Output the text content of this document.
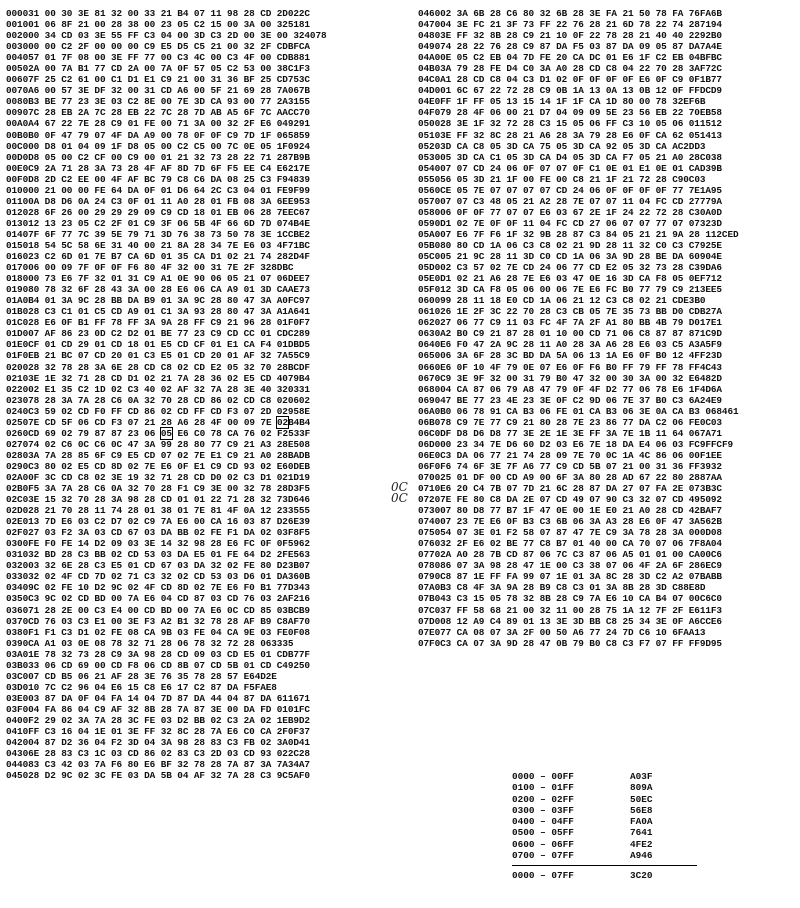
000031 00 30 3E 81 32 00 33 21 B4 07 11 98 28 CD 2D022C
001001 06 8F 21 00 28 38 00 23 05 C2 15 00 3A 00 325181
002000 34 CD 03 3E 55 FF C3 04 00 3D C3 2D 00 3E 00 324078
003000 00 C2 2F 00 00 00 C9 E5 D5 C5 21 00 32 2F CDBFCA
004057 01 7F 08 00 3E FF 77 00 C3 4C 00 C3 4F 00 CDB881
00502A 00 7A B1 77 CD 2A 00 7A 0F 57 05 C2 53 00 38C1F3
00607F 25 C2 61 00 C1 D1 E1 C9 21 00 31 36 BF 25 CD753C
0070A6 00 57 3E DF 32 00 31 CD A6 00 5F 21 69 28 7A067B
0080B3 BE 77 23 3E 03 C2 8E 00 7E 3D CA 93 00 77 2A3155
00907C 28 EB 2A 7C 28 EB 22 7C 28 7D AB A5 6F 7C AACC70
00A0A4 67 22 7E 28 C9 01 FE 00 71 3A 00 32 2F E6 049291
00B0B0 0F 47 79 07 4F DA A9 00 78 0F 0F C9 7D 1F 065859
00C000 D8 01 04 09 1F D8 05 00 C2 C5 00 7C 0E 05 1F0924
00D0D8 05 00 C2 CF 00 C9 00 01 21 32 73 28 22 71 287B9B
00E0C9 2A 71 28 3A 73 28 4F AF 8D 7D 6F F5 EE C4 E6217E
00F0D8 2D C2 EE 00 4F AF BC 79 C8 C6 DA 08 25 C3 F94839
010000 21 00 00 FE 64 DA 0F 01 D6 64 2C C3 04 01 FE9F99
01100A D8 D6 0A 24 C3 0F 01 11 A0 28 01 FB 08 3A 6EE953
012028 6F 26 00 29 29 29 09 C9 CD 18 01 EB 06 28 7EEC67
013012 13 23 05 C2 2F 01 C9 3F 06 5B 4F 66 6D 7D 074B4E
01407F 6F 77 7C 39 5E 79 71 3D 76 38 73 50 78 3E 1CCBE2
015018 54 5C 58 6E 31 40 00 21 8A 28 34 7E E6 03 4F71BC
016023 C2 6D 01 7E B7 CA 6D 01 35 CA D1 02 21 74 282D4F
017006 00 09 7F 0F 0F F6 80 4F 32 00 31 7E 2F 328DBC
018000 73 E6 7F 32 01 31 C9 A1 0E 90 06 05 21 07 06DEE7
019080 78 32 6F 28 43 3A 00 28 E6 06 CA A9 01 3D CAAE73
01A0B4 01 3A 9C 28 BB DA B9 01 3A 9C 28 80 47 3A A0FC97
01B028 C3 C1 01 C5 CD A9 01 C1 3A 93 28 80 47 3A A1A641
01C028 E6 0F B1 FF 78 FF 3A 9A 28 FF C9 21 96 28 01F0F7
01D007 AF 86 23 0D C2 D2 01 BE 77 23 C9 CD CC 01 CDC289
01E0CF 01 CD 29 01 CD 18 01 E5 CD CF 01 E1 CA F4 01DBD5
01F0EB 21 BC 07 CD 20 01 C3 E5 01 CD 20 01 AF 32 7A55C9
020028 32 78 28 3A 6E 28 CD C8 02 CD E2 05 32 70 28BCDF
02103E 1E 32 71 28 CD D1 02 21 7A 28 36 02 E5 CD 4079B4
022002 E1 35 C2 1D 02 C3 40 02 AF 32 7A 28 3E 40 320331
023078 28 3A 7A 28 C6 0A 32 70 28 CD 86 02 CD C8 020602
0240C3 59 02 CD F0 FF CD 86 02 CD FF CD F3 07 2D 02958E
02507E CD 5F 06 CD F3 07 21 28 A6 28 4F 00 09 7E 02B4B4
0260CD 69 02 79 87 87 23 06 05 E6 C0 78 CA 76 02 F2533F
027074 02 C6 0C C6 0C 47 3A 99 28 80 77 C9 21 A3 28E508
02803A 7A 28 85 6F C9 E5 CD 07 02 7E E1 C9 21 A0 28BADB
0290C3 80 02 E5 CD 8D 02 7E E6 0F E1 C9 CD 93 02 E60DEB
02A00F 3C CD C8 02 3E 19 32 71 28 CD D0 02 C3 D1 021D19
02B0F5 3A 7A 28 C6 0A 32 70 28 F1 C9 3E 00 32 78 28D3F5
02C03E 15 32 70 28 3A 98 28 CD 01 01 22 71 28 32 73D646
02D028 21 70 28 11 74 28 01 38 01 7E 81 4F 0A 12 233555
02E013 7D E6 03 C2 D7 02 C9 7A E6 00 CA 16 03 87 D26E39
02F027 03 F2 3A 03 CD 67 03 DA BB 02 FE F1 DA 02 03F8F5
0300FE F0 FE 14 D2 09 03 3E 14 32 98 28 E6 FC 0F 0F5962
031032 BD 28 C3 BB 02 CD 53 03 DA E5 01 FE 64 D2 2FE563
032003 32 6E 28 C3 E5 01 CD 67 03 DA 32 02 FE 80 D23B07
033032 02 4F CD 7D 02 71 C3 32 02 CD 53 03 D6 01 DA360B
03409C 02 FE 10 D2 9C 02 4F CD 8D 02 7E E6 F0 B1 77D343
0350C3 9C 02 CD BD 00 7A E6 04 CD 87 03 CD 76 03 2AF216
036071 28 2E 00 C3 E4 00 CD BD 00 7A E6 0C CD 85 03BCB9
0370CD 76 03 C3 E1 00 3E F3 A2 B1 32 78 28 AF B9 C8AF70
0380F1 F1 C3 D1 02 FE 08 CA 9B 03 FE 04 CA 9E 03 FE0F08
0390CA A1 03 0E 08 78 32 71 28 06 78 32 72 28 063335
03A01E 78 32 73 28 C9 3A 98 28 CD 09 03 CD E5 01 CDB77F
03B033 06 CD 69 00 CD F8 06 CD 8B 07 CD 5B 01 CD C49250
03C007 CD B5 06 21 AF 28 3E 76 35 78 28 57 E64D2E
03D010 7C C2 96 04 E6 15 C8 E6 17 C2 87 DA F5FAE8
03E003 87 DA 0F 04 FA 14 04 7D 87 DA 44 04 87 DA 611671
03F004 FA 86 04 C9 AF 32 8B 28 7A 87 3E 00 DA FD 0101FC
0400F2 29 02 3A 7A 28 3C FE 03 D2 BB 02 C3 2A 02 1EB9D2
0410FF C3 16 04 1E 01 3E FF 32 8C 28 7A E6 C0 CA 2F0F37
042004 87 D2 36 04 F2 3D 04 3A 98 28 83 C3 FB 02 3A0D41
04306E 28 83 C3 1C 03 CD 86 02 83 C3 2D 03 CD 93 022C28
044083 C3 42 03 7A F6 80 E6 BF 32 78 28 7A 87 3A 7A34A7
045028 D2 9C 02 3C FE 03 DA 5B 04 AF 32 7A 28 C3 9C5AF0
046002 3A 6B 28 C6 80 32 6B 28 3E FA 21 50 78 FA 76FA6B
047004 3E FC 21 3F 73 FF 22 76 28 21 6D 78 22 74 287194
04803E FF 32 8B 28 C9 21 10 0F 22 78 28 21 40 40 2292B0
049074 28 22 76 28 C9 87 DA F5 03 87 DA 09 05 87 DA7A4E
04A00E 05 C2 EB 04 7D FE 20 CA DC 01 E6 1F C2 EB 04BFBC
04B03A 79 28 FE D4 C0 3A A0 28 CD C8 04 22 70 28 3AF72C
04C0A1 28 CD C8 04 C3 D1 02 0F 0F 0F 0F E6 0F C9 0F1B77
04D001 6C 67 22 72 28 C9 0B 1A 13 0A 13 0B 12 0F FFDCD9
04E0FF 1F FF 05 13 15 14 1F 1F CA 1D 80 00 78 32EF6B
04F079 28 4F 06 00 21 D7 04 09 09 5E 23 56 EB 22 70EB58
050028 3E 1F 32 72 28 C3 15 05 06 FF C3 10 05 06 011512
05103E FF 32 8C 28 21 A6 28 3A 79 28 E6 0F CA 62 051413
05203D CA C8 05 3D CA 75 05 3D CA 92 05 3D CA AC2DD3
053005 3D CA C1 05 3D CA D4 05 3D CA F7 05 21 A0 28C038
054007 07 CD 24 06 0F 07 07 0F C1 0E 01 E1 0E 01 CAD39B
055056 05 3D 21 1F 00 FE 00 C8 21 1F 21 72 28 C90C03
0560CE 05 7E 07 07 07 07 CD 24 06 0F 0F 0F 0F 77 7E1A95
057007 07 C3 48 05 21 A2 28 7E 07 07 11 04 FC CD 27779A
058006 0F 0F 77 07 07 E6 03 67 2E 1F 24 22 72 28 C30A0D
0590D1 02 7E 0F 0F 11 04 FC CD 27 06 07 07 77 07 07323D
05A007 E6 7F F6 1F 32 9B 28 87 C3 84 05 21 21 9A 28 112CED
05B080 80 CD 1A 06 C3 C8 02 21 9D 28 11 32 C0 C3 C7925E
05C005 21 9C 28 11 3D C0 CD 1A 06 3A 9D 28 BE DA 60904E
05D002 C3 57 02 7E CD 24 06 77 CD E2 05 32 73 28 C39DA6
05E0D1 02 21 A6 28 7E E6 03 47 0E 16 3D CA F8 05 0EF712
05F012 3D CA F8 05 06 00 06 7E E6 FC B0 77 79 C9 213EE5
060099 28 11 18 E0 CD 1A 06 21 12 C3 C8 02 21 CDE3B0
061026 1E 2F 3C 22 70 28 C3 CB 05 7E 35 73 BB D0 CDB27A
062027 06 77 C9 11 03 FC 4F 7A 2F A1 80 BB 4B 79 D017E1
0630A2 B0 C9 21 87 28 01 10 00 CD 71 06 C8 87 87 871C9D
0640E6 F0 47 2A 9C 28 11 A0 28 3A A6 28 E6 03 C5 A3A5F9
065006 3A 6F 28 3C BD DA 5A 06 13 1A E6 0F B0 12 4FF23D
0660E6 0F 10 4F 79 0E 07 E6 0F F6 B0 FF 79 FF 78 FF4C43
0670C9 3E 9F 32 00 31 79 B0 47 32 00 30 3A 00 32 E6482D
068004 CA 87 06 79 A8 47 79 0F 4F D2 77 06 78 E6 1F4D6A
069047 BE 77 23 4E 23 3E 0F C2 9D 06 7E 37 B0 C3 6A24E9
06A0B0 06 78 91 CA B3 06 FE 01 CA B3 06 3E 0A CA B3 068461
06B078 C9 7E 77 C9 21 80 28 7E 23 86 77 DA C2 06 FE0C03
06C0DF D8 D6 D8 77 3E 2E 1E 3E FF 3A 7E 1B 11 64 067A71
06D000 23 34 7E D6 60 D2 03 E6 7E 18 DA E4 06 03 FC9FFCF9
06E0C3 DA 06 77 21 74 28 09 7E 70 0C 1A 4C 86 06 00F1EE
06F0F6 74 6F 3E 7F A6 77 C9 CD 5B 07 21 00 31 36 FF3932
070025 01 DF 00 CD A9 00 6F 3A 80 28 AD 67 22 80 2887AA
0710E6 20 C4 7B 07 7D 21 6C 28 87 DA 27 07 FA 2E 073B3C
07207E FE 80 C8 DA 2E 07 CD 49 07 90 C3 32 07 CD 495092
073007 80 D8 77 B7 1F 47 0E 00 1E E0 21 A0 28 CD 42BAF7
074007 23 7E E6 0F B3 C3 6B 06 3A A3 28 E6 0F 47 3A562B
075054 07 3E 01 F2 58 07 87 47 7E C9 3A 78 28 3A 000D08
076032 2F E6 02 BE 77 C8 B7 01 40 00 CA 70 07 06 7F8A04
07702A A0 28 7B CD 87 06 7C C3 87 06 A5 01 01 00 CA00C6
078086 07 3A 98 28 47 1E 00 C3 38 07 06 4F 2A 6F 286EC9
0790C8 87 1E FF FA 99 07 1E 01 3A 8C 28 3D C2 A2 07BABB
07A0B3 C8 4F 3A 9A 28 B9 C8 C3 01 3A 8B 28 3D C88E8D
07B043 C3 15 05 78 32 8B 28 C9 7A E6 10 CA B4 07 00C6C0
07C037 FF 58 68 21 00 32 11 00 28 75 1A 12 7F 2F E611F3
07D008 12 A9 C4 89 01 13 3E 3D BB C8 25 34 3E 0F A6CCE6
07E077 CA 08 07 3A 2F 00 50 A6 77 24 7D C6 10 6FAA13
07F0C3 CA 07 3A 9D 28 47 0B 79 B0 C8 C3 F7 07 FF FF9D95
0C
0C
0000 – 00FF	A03F
0100 – 01FF	809A
0200 – 02FF	50EC
0300 – 03FF	56E8
0400 – 04FF	FA0A
0500 – 05FF	7641
0600 – 06FF	4FE2
0700 – 07FF	A946
0000 – 07FF	3C20
